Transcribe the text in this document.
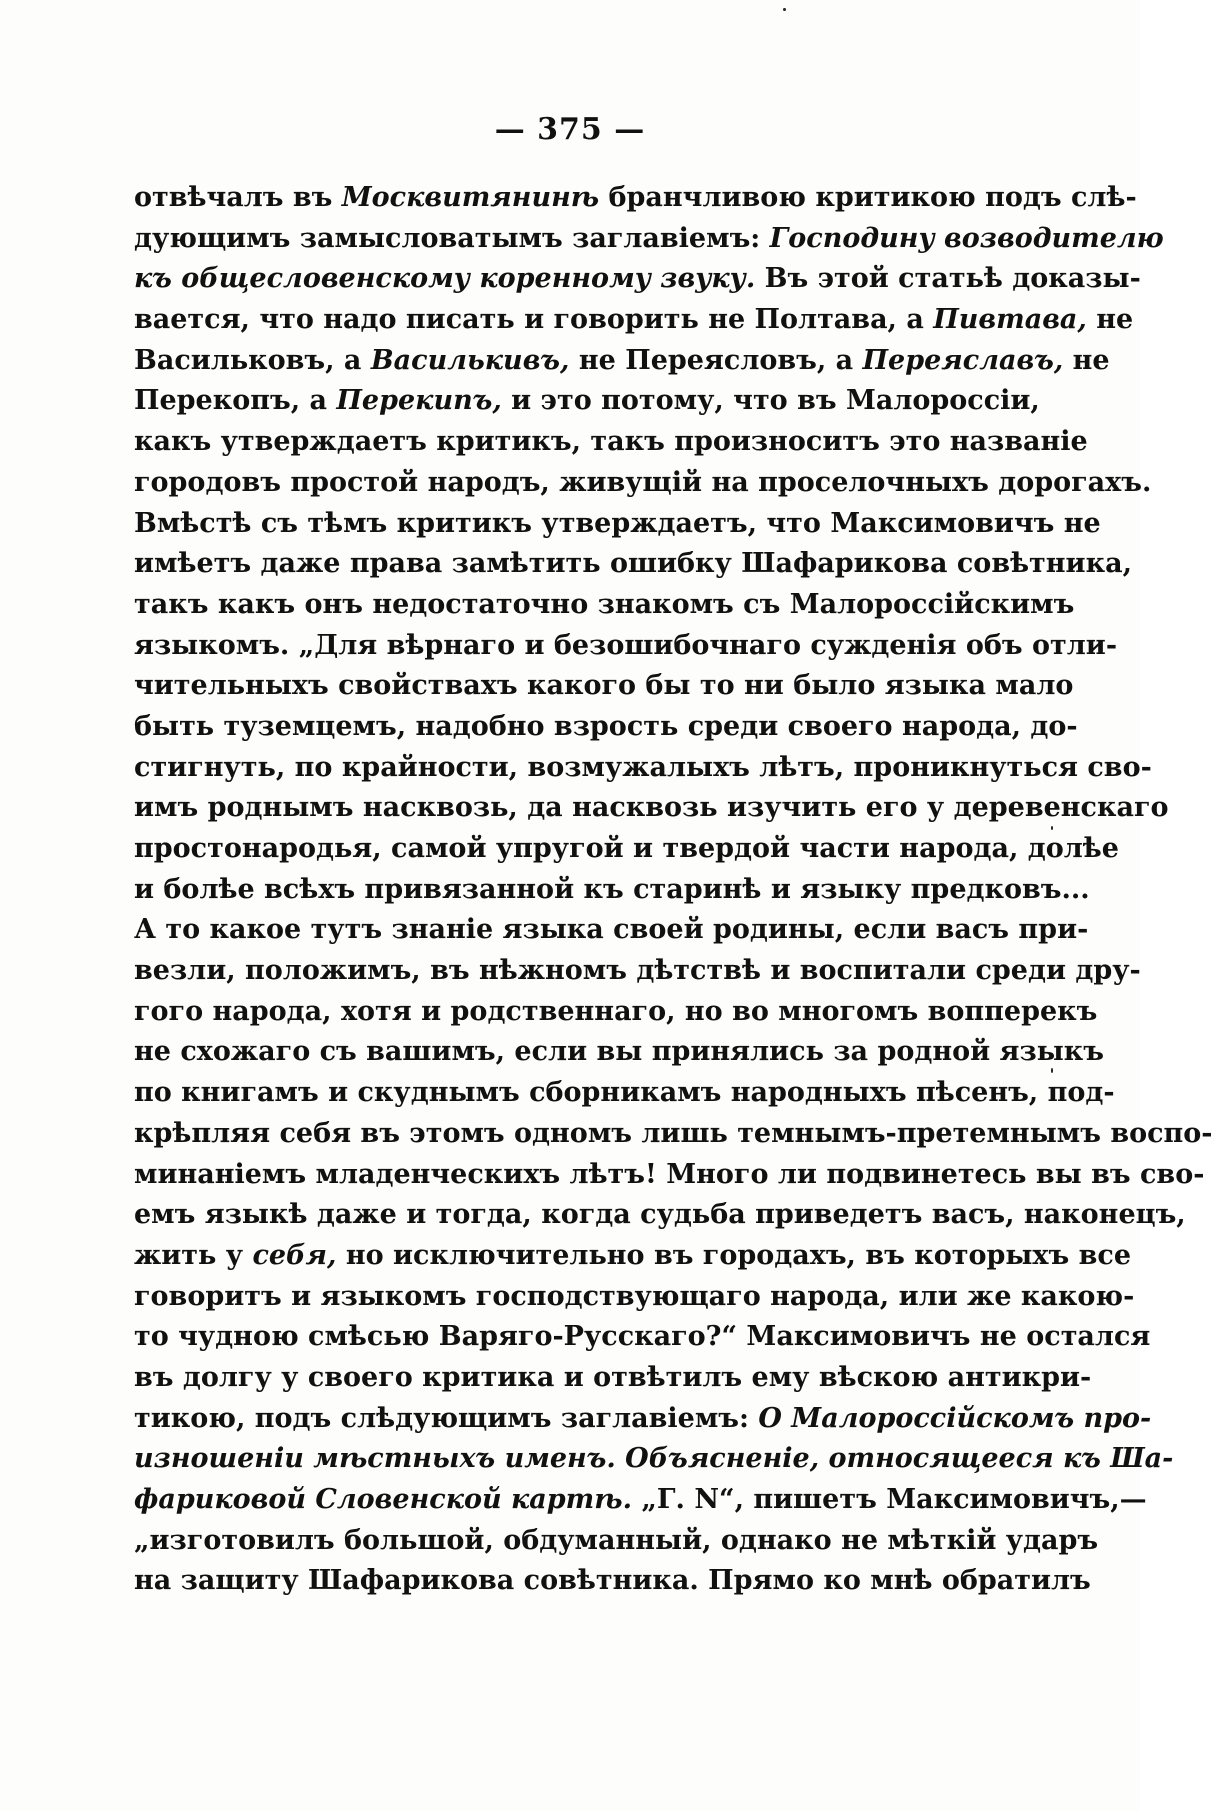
— 375 —
отвѣчалъ въ Москвитянинѣ бранчливою критикою подъ слѣ-
дующимъ замысловатымъ заглавіемъ: Господину возводителю
къ общесловенскому коренному звуку. Въ этой статьѣ доказы-
вается, что надо писать и говорить не Полтава, а Пивтава, не
Васильковъ, а Василькивъ, не Переясловъ, а Переяславъ, не
Перекопъ, а Перекипъ, и это потому, что въ Малороссіи,
какъ утверждаетъ критикъ, такъ произноситъ это названіе
городовъ простой народъ, живущій на проселочныхъ дорогахъ.
Вмѣстѣ съ тѣмъ критикъ утверждаетъ, что Максимовичъ не
имѣетъ даже права замѣтить ошибку Шафарикова совѣтника,
такъ какъ онъ недостаточно знакомъ съ Малороссійскимъ
языкомъ. „Для вѣрнаго и безошибочнаго сужденія объ отли-
чительныхъ свойствахъ какого бы то ни было языка мало
быть туземцемъ, надобно взрость среди своего народа, до-
стигнуть, по крайности, возмужалыхъ лѣтъ, проникнуться сво-
имъ роднымъ насквозь, да насквозь изучить его у деревенскаго
простонародья, самой упругой и твердой части народа, долѣе
и болѣе всѣхъ привязанной къ старинѣ и языку предковъ...
А то какое тутъ знаніе языка своей родины, если васъ при-
везли, положимъ, въ нѣжномъ дѣтствѣ и воспитали среди дру-
гого народа, хотя и родственнаго, но во многомъ вопперекъ
не схожаго съ вашимъ, если вы принялись за родной языкъ
по книгамъ и скуднымъ сборникамъ народныхъ пѣсенъ, под-
крѣпляя себя въ этомъ одномъ лишь темнымъ-претемнымъ воспо-
минаніемъ младенческихъ лѣтъ! Много ли подвинетесь вы въ сво-
емъ языкѣ даже и тогда, когда судьба приведетъ васъ, наконецъ,
жить у себя, но исключительно въ городахъ, въ которыхъ все
говоритъ и языкомъ господствующаго народа, или же какою-
то чудною смѣсью Варяго-Русскаго?“ Максимовичъ не остался
въ долгу у своего критика и отвѣтилъ ему вѣскою антикри-
тикою, подъ слѣдующимъ заглавіемъ: О Малороссійскомъ про-
изношеніи мѣстныхъ именъ. Объясненіе, относящееся къ Ша-
фариковой Словенской картѣ. „Г. N“, пишетъ Максимовичъ,—
„изготовилъ большой, обдуманный, однако не мѣткій ударъ
на защиту Шафарикова совѣтника. Прямо ко мнѣ обратилъ
